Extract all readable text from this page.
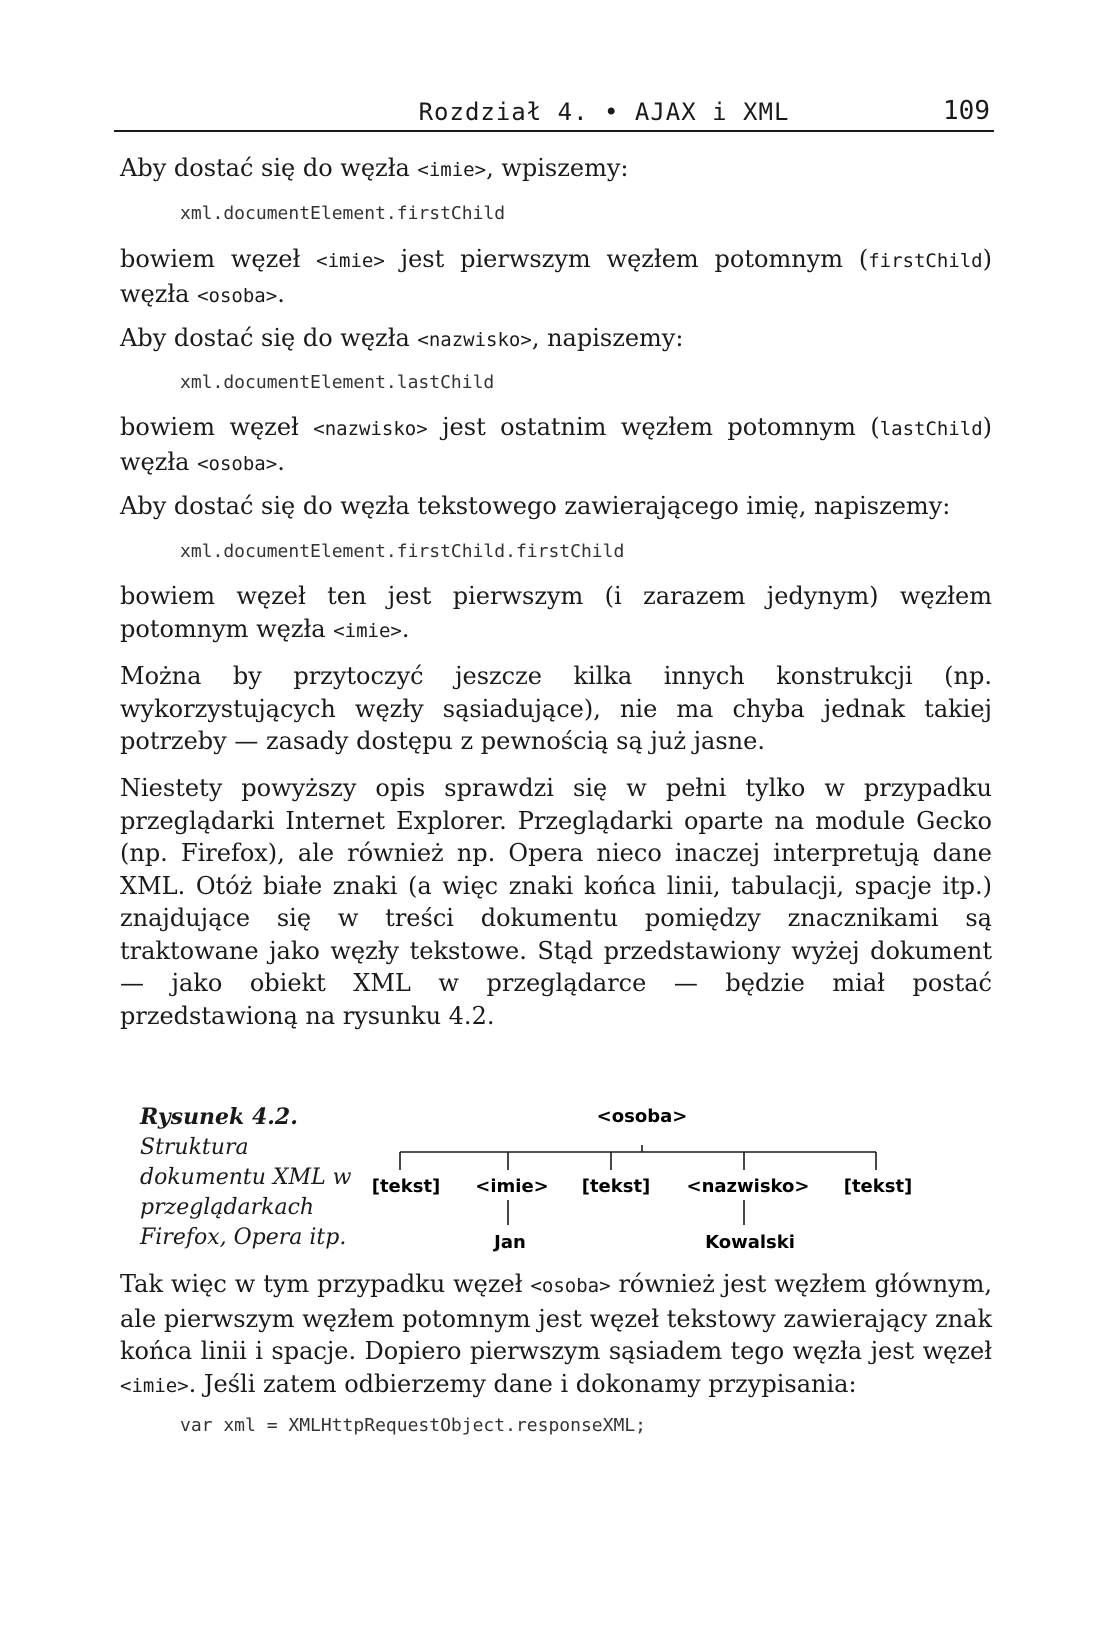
Rozdział 4. • AJAX i XML	109

Aby dostać się do węzła <imie>, wpiszemy:

xml.documentElement.firstChild

bowiem węzeł <imie> jest pierwszym węzłem potomnym (firstChild) węzła <osoba>.

Aby dostać się do węzła <nazwisko>, napiszemy:

xml.documentElement.lastChild

bowiem węzeł <nazwisko> jest ostatnim węzłem potomnym (lastChild) węzła <osoba>.

Aby dostać się do węzła tekstowego zawierającego imię, napiszemy:

xml.documentElement.firstChild.firstChild

bowiem węzeł ten jest pierwszym (i zarazem jedynym) węzłem potomnym węzła <imie>.

Można by przytoczyć jeszcze kilka innych konstrukcji (np. wykorzystujących węzły sąsiadujące), nie ma chyba jednak takiej potrzeby — zasady dostępu z pewnością są już jasne.

Niestety powyższy opis sprawdzi się w pełni tylko w przypadku przeglądarki Internet Explorer. Przeglądarki oparte na module Gecko (np. Firefox), ale również np. Opera nieco inaczej interpretują dane XML. Otóż białe znaki (a więc znaki końca linii, tabulacji, spacje itp.) znajdujące się w treści dokumentu pomiędzy znacznikami są traktowane jako węzły tekstowe. Stąd przedstawiony wyżej dokument — jako obiekt XML w przeglądarce — będzie miał postać przedstawioną na rysunku 4.2.

Rysunek 4.2.
Struktura dokumentu XML w przeglądarkach Firefox, Opera itp.
<osoba>
[tekst] <imie> [tekst] <nazwisko> [tekst]
Jan	Kowalski

Tak więc w tym przypadku węzeł <osoba> również jest węzłem głównym, ale pierwszym węzłem potomnym jest węzeł tekstowy zawierający znak końca linii i spacje. Dopiero pierwszym sąsiadem tego węzła jest węzeł <imie>. Jeśli zatem odbierzemy dane i dokonamy przypisania:

var xml = XMLHttpRequestObject.responseXML;
